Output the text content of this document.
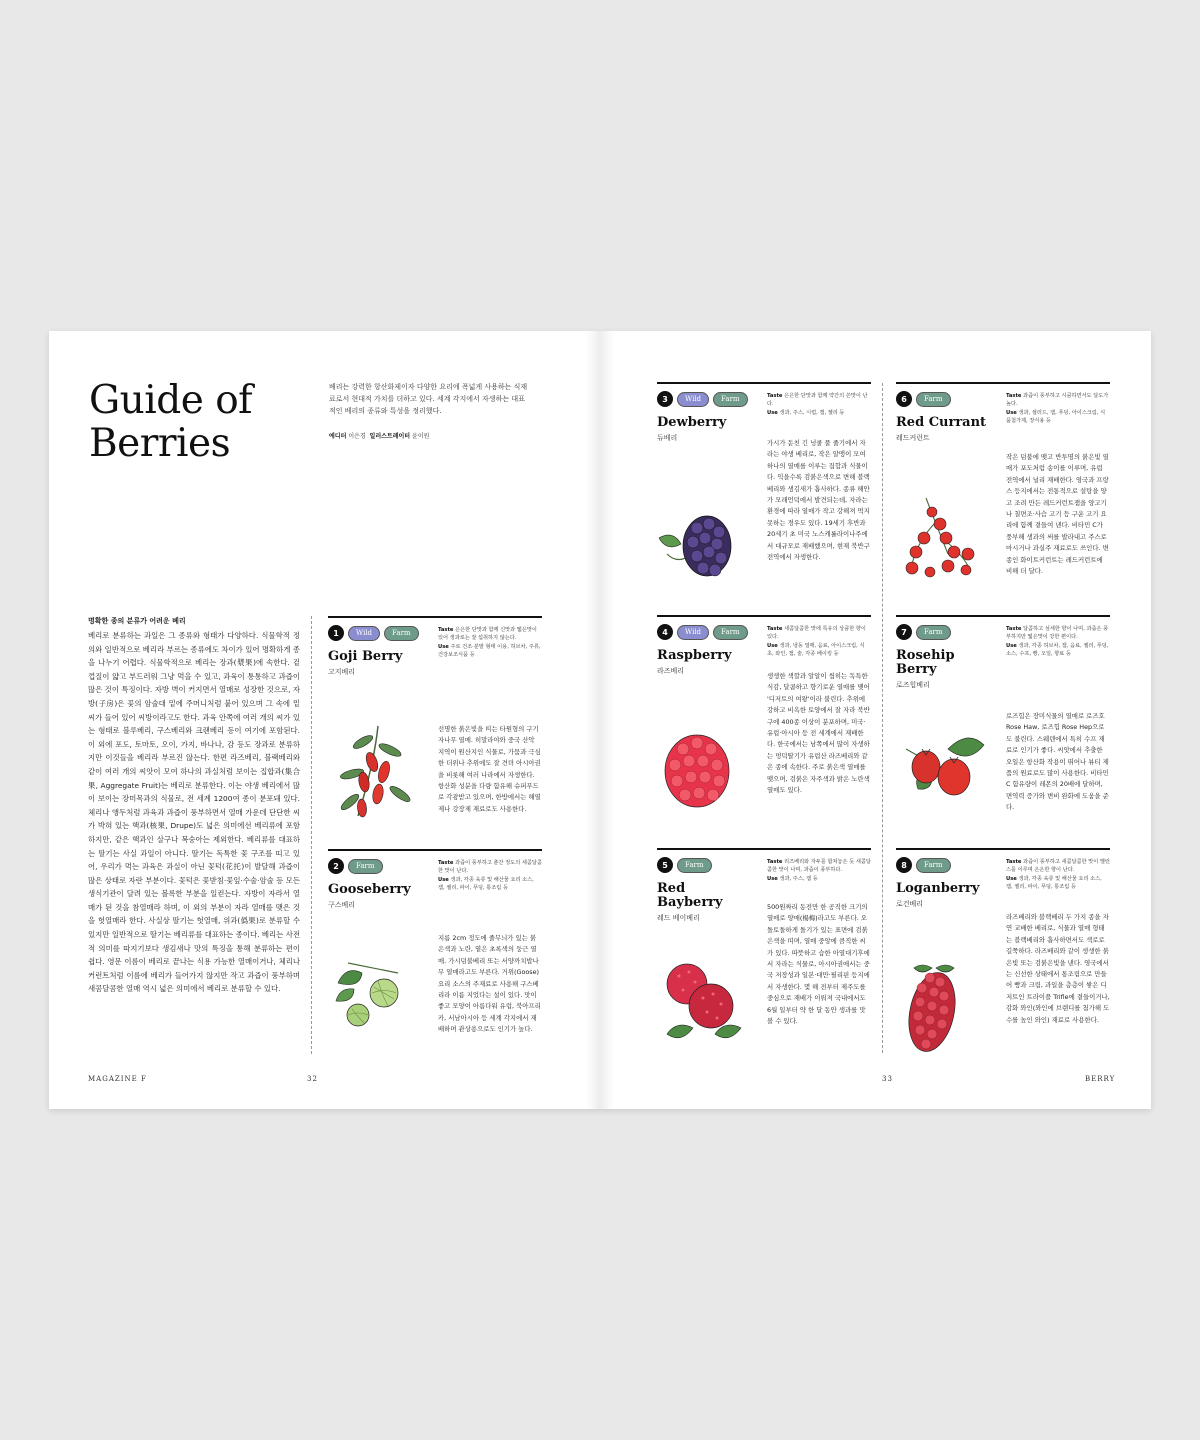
Guide of
Berries

베리는 강력한 항산화제이자 다양한 요리에 폭넓게 사용하는 식재료로서 현대적 가치를 더하고 있다. 세계 각지에서 자생하는 대표적인 베리의 종류와 특성을 정리했다.

에디터 이은경 일러스트레이터 윤이원

명확한 종의 분류가 어려운 베리

베리로 분류하는 과일은 그 종류와 형태가 다양하다. 식물학적 정의와 일반적으로 베리라 부르는 종류에도 차이가 있어 명확하게 종을 나누기 어렵다. 식물학적으로 베리는 장과(漿果)에 속한다. 겉껍질이 얇고 부드러워 그냥 먹을 수 있고, 과육이 통통하고 과즙이 많은 것이 특징이다. 자방 벽이 커지면서 열매로 성장한 것으로, 자방(子房)은 꽃의 암술대 밑에 주머니처럼 붙어 있으며 그 속에 밑씨가 들어 있어 씨방이라고도 한다. 과육 안쪽에 여러 개의 씨가 있는 형태로 블루베리, 구스베리와 크랜베리 등이 여기에 포함된다. 이 외에 포도, 토마토, 오이, 가지, 바나나, 감 등도 장과로 분류하지만 이것들을 베리라 부르진 않는다. 한편 라즈베리, 블랙베리와 같이 여러 개의 씨앗이 모여 하나의 과실처럼 보이는 집합과(集合果, Aggregate Fruit)는 베리로 분류한다. 이는 야생 베리에서 많이 보이는 장미목과의 식물로, 전 세계 1200여 종이 분포돼 있다. 체리나 앵두처럼 과육과 과즙이 풍부하면서 열매 가운데 단단한 씨가 박혀 있는 핵과(核果, Drupe)도 넓은 의미에선 베리류에 포함하지만, 같은 핵과인 살구나 복숭아는 제외한다. 베리류를 대표하는 딸기는 사실 과일이 아니다. 딸기는 독특한 꽃 구조를 띠고 있어, 우리가 먹는 과육은 과실이 아닌 꽃턱(花托)이 발달해 과즙이 많은 상태로 자란 부분이다. 꽃턱은 꽃받침·꽃잎·수술·암술 등 모든 생식기관이 달려 있는 볼록한 부분을 일컫는다. 자방이 자라서 열매가 된 것을 참열매라 하며, 이 외의 부분이 자라 열매를 맺은 것을 헛열매라 한다. 사실상 딸기는 헛열매, 위과(僞果)로 분류할 수 있지만 일반적으로 딸기는 베리류를 대표하는 종이다. 베리는 사전적 의미를 따지기보다 생김새나 맛의 특징을 통해 분류하는 편이 쉽다. 영문 이름이 베리로 끝나는 식용 가능한 열매이거나, 체리나 커런트처럼 이름에 베리가 들어가지 않지만 작고 과즙이 풍부하며 새콤달콤한 열매 역시 넓은 의미에서 베리로 분류할 수 있다.

1	Wild	Farm
Goji Berry
고지베리
Taste 은은한 단맛과 함께 신맛과 떫은맛이 있어 생과로는 잘 섭취하지 않는다.
Use 주로 건조·분말 형태 이용, 허브차, 주류, 건강보조식품 등

선명한 붉은빛을 띠는 타원형의 구기자나무 열매. 히말라야와 중국 산악 지역이 원산지인 식물로, 가뭄과 극심한 더위나 추위에도 잘 견뎌 아시아권을 비롯해 여러 나라에서 자생한다. 항산화 성분을 다량 함유해 슈퍼푸드로 각광받고 있으며, 한방에서는 해열제나 강장제 재료로도 사용한다.

2	Farm
Gooseberry
구스베리
Taste 과즙이 풍부하고 춘잔 정도의 새콤달콤한 맛이 난다.
Use 생과, 각종 육류 및 해산물 요리 소스, 잼, 젤리, 파이, 푸딩, 통조림 등

지름 2cm 정도에 줄무늬가 있는 붉은색과 노란, 옅은 초록색의 둥근 열매. 가시덤불베리 또는 서양까치밥나무 열매라고도 부른다. 거위(Goose) 요리 소스의 주재료로 사용해 구스베리라 이름 지었다는 설이 있다. 맛이 좋고 모양이 아름다워 유럽, 북아프리카, 서남아시아 등 세계 각지에서 재배하며 관상용으로도 인기가 높다.

MAGAZINE F	32
3	Wild	Farm
Dewberry
듀베리
Taste 은은한 단맛과 함께 약간의 쓴맛이 난다.
Use 생과, 주스, 시럽, 잼, 젤리 등

가시가 돋친 긴 넝쿨 풀 줄기에서 자라는 야생 베리로, 작은 알맹이 모여 하나의 열매를 이루는 집합과 식물이다. 익을수록 검붉은색으로 변해 블랙베리와 생김새가 흡사하다. 종류 해안가 모래언덕에서 발견되는데, 자라는 환경에 따라 열매가 작고 강해져 먹지 못하는 경우도 있다. 19세기 후반과 20세기 초 미국 노스캐롤라이나주에서 대규모로 재배했으며, 현재 북반구 전역에서 자생한다.

6	Farm
Red Currant
레드커런트
Taste 과즙이 풍부하고 시큼하면서도 달도가 높다.
Use 생과, 샐러드, 잼, 푸딩, 아이스크림, 식품첨가제, 장식용 등

작은 덤불에 맺고 반투명의 붉은빛 열매가 포도처럼 송이를 이루며, 유럽 전역에서 널리 재배한다. 영국과 프랑스 등지에서는 전통적으로 설탕을 양고 조려 만든 레드커런트잼을 양고기나 칠면조·사슴 고기 등 구운 고기 요리에 함께 곁들여 낸다. 비타민 C가 풍부해 생과의 써를 발라내고 주스로 마시거나 과실주 재료로도 쓰인다. 변종인 화이트커런트는 레드커런트에 비해 더 달다.

4	Wild	Farm
Raspberry
라즈베리
Taste 새콤달콤한 맛에 특유의 상큼한 향이 있다.
Use 생과, 냉동 열매, 음료, 아이스크림, 식초, 와인, 잼, 술, 각종 베이킹 등

생생한 색깔과 알알이 씹히는 독특한 식감, 달콤하고 향기로운 열매를 맺어 '디저트의 여왕'이라 불린다. 추위에 강하고 비옥한 토양에서 잘 자라 북반구에 400종 이상이 분포하며, 미국·유럽·아시아 등 전 세계에서 재배한다. 한국에서는 남쪽에서 많이 자생하는 멍덕딸기가 유럽산 라즈베리와 같은 종에 속한다. 주로 붉은색 열매를 맺으며, 검붉은 자주색과 밝은 노란색 열매도 있다.

7	Farm
Rosehip
Berry
로즈힙베리
Taste 달콤하고 섬세한 향이 나며, 과즙은 풍부하지만 떫은맛이 강한 편이다.
Use 생과, 각종 허브차, 잼, 음료, 젤리, 푸딩, 소스, 수프, 빵, 오일, 향료 등

로즈힙은 장미식물의 열매로 로즈호 Rose Haw, 로즈힙 Rose Hep으로도 불린다. 스웨덴에서 특히 수프 재료로 인기가 좋다. 씨앗에서 추출한 오일은 항산화 작용이 뛰어나 뷰티 제품의 원료로도 많이 사용한다. 비타민 C 함유량이 레몬의 20배에 달하며, 면역력 증가와 변비 완화에 도움을 준다.

5	Farm
Red
Bayberry
레드 베이베리
Taste 리즈베리와 자두를 합쳐놓은 듯 새콤달콤한 맛이 나며, 과즙이 풍부하다.
Use 생과, 주스, 잼 등

500원짜리 동전만 한 공직한 크기의 열매로 양매(楊梅)라고도 부른다. 오돌토돌하게 돌기가 있는 표면에 검붉은색을 띠며, 열매 중앙에 큼직한 씨가 있다. 따뜻하고 습한 아열대기후에서 자라는 식물로, 아시아권에서는 중국 저장성과 일본·대만·필리핀 등지에서 자생한다. 몇 해 전부터 제주도를 중심으로 재배가 이뤄져 국내에서도 6월 일부터 약 한 달 동안 생과를 맛볼 수 있다.

8	Farm
Loganberry
로건베리
Taste 과즙이 풍부하고 새콤달콤한 맛이 밸런스를 이루며 은은한 향이 난다.
Use 생과, 각종 육류 및 해산물 요리 소스, 잼, 젤리, 파이, 푸딩, 통조림 등

라즈베리와 블랙베리 두 가지 종을 자연 교배한 베리로, 식물과 열매 형태는 블랙베리와 흡사하면서도 색로로 길쭉하다. 라즈베리와 같이 생생한 붉은빛 또는 검붉은빛을 낸다. 영국에서는 신선한 상태에서 통조림으로 만들어 빵과 크림, 과일을 층층이 쌓은 디저트인 트라이플 Trifle에 곁들이거나, 감화 와인(와인에 브랜디를 첨가해 도수를 높인 와인) 재료로 사용한다.

33	BERRY
